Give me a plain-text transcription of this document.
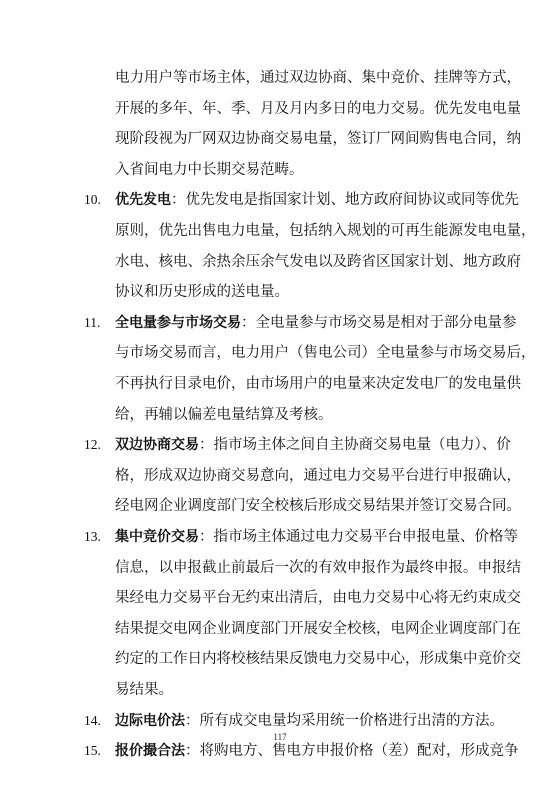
117
电力用户等市场主体，通过双边协商、集中竞价、挂牌等方式，
开展的多年、年、季、月及月内多日的电力交易。优先发电电量
现阶段视为厂网双边协商交易电量，签订厂网间购售电合同，纳
入省间电力中长期交易范畴。
10. 优先发电：优先发电是指国家计划、地方政府间协议或同等优先
原则，优先出售电力电量，包括纳入规划的可再生能源发电电量，
水电、核电、余热余压余气发电以及跨省区国家计划、地方政府
协议和历史形成的送电量。
11. 全电量参与市场交易：全电量参与市场交易是相对于部分电量参
与市场交易而言，电力用户（售电公司）全电量参与市场交易后，
不再执行目录电价，由市场用户的电量来决定发电厂的发电量供
给，再辅以偏差电量结算及考核。
12. 双边协商交易：指市场主体之间自主协商交易电量（电力）、价
格，形成双边协商交易意向，通过电力交易平台进行申报确认，
经电网企业调度部门安全校核后形成交易结果并签订交易合同。
13. 集中竞价交易：指市场主体通过电力交易平台申报电量、价格等
信息，以申报截止前最后一次的有效申报作为最终申报。申报结
果经电力交易平台无约束出清后，由电力交易中心将无约束成交
结果提交电网企业调度部门开展安全校核，电网企业调度部门在
约定的工作日内将校核结果反馈电力交易中心，形成集中竞价交
易结果。
14. 边际电价法：所有成交电量均采用统一价格进行出清的方法。
15. 报价撮合法：将购电方、售电方申报价格（差）配对，形成竞争
